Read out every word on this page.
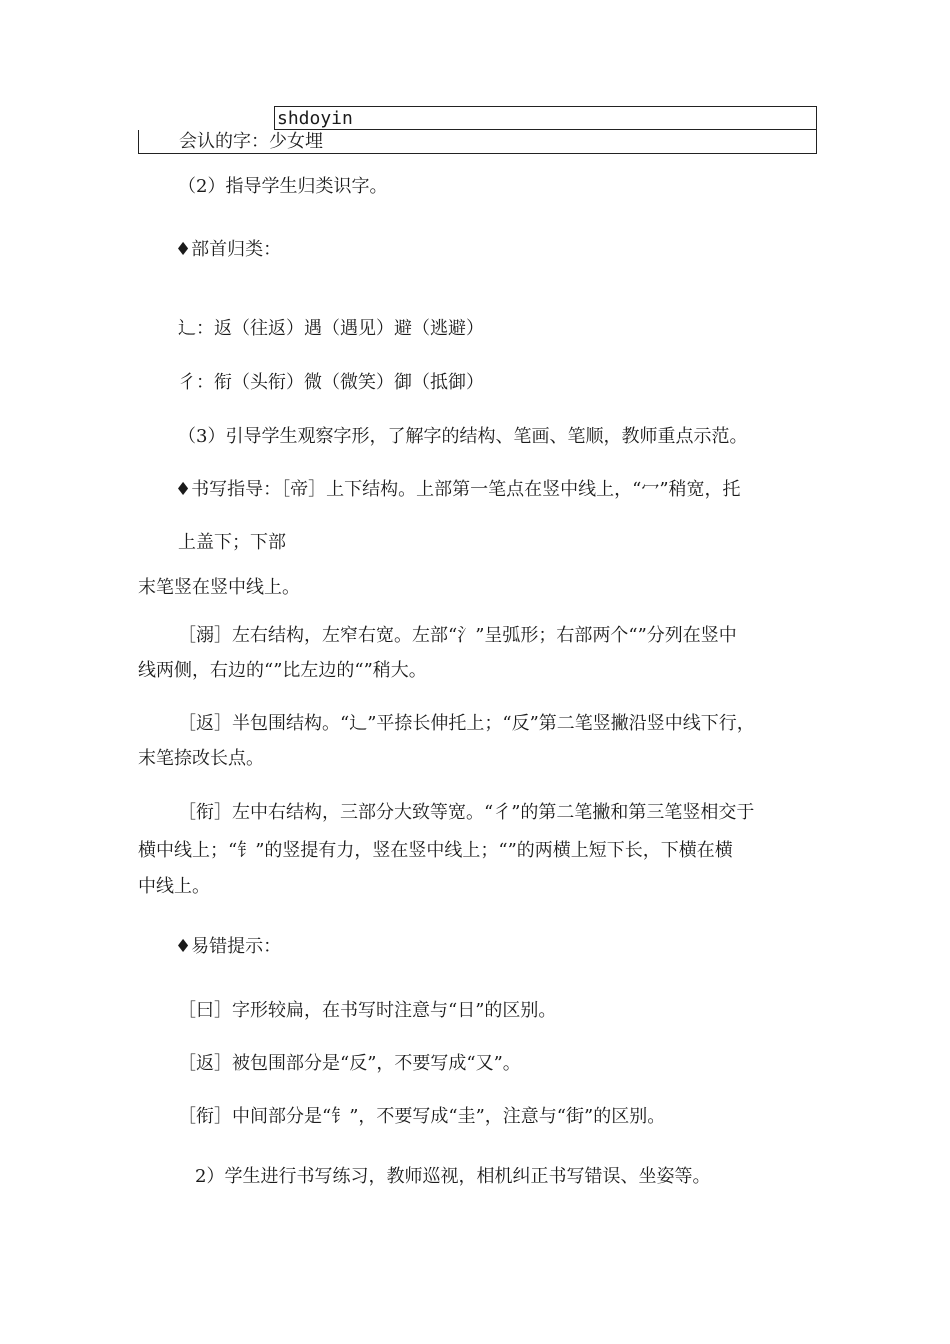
shdoyin
会认的字：少女埋
（2）指导学生归类识字。
♦部首归类：
辶：返（往返）遇（遇见）避（逃避）
彳：衔（头衔）微（微笑）御（抵御）
（3）引导学生观察字形，了解字的结构、笔画、笔顺，教师重点示范。
♦书写指导：［帝］上下结构。上部第一笔点在竖中线上，“冖”稍宽，托
上盖下；下部
末笔竖在竖中线上。
［溺］左右结构，左窄右宽。左部“氵”呈弧形；右部两个“”分列在竖中
线两侧，右边的“”比左边的“”稍大。
［返］半包围结构。“辶”平捺长伸托上；“反”第二笔竖撇沿竖中线下行，
末笔捺改长点。
［衔］左中右结构，三部分大致等宽。“彳”的第二笔撇和第三笔竖相交于
横中线上；“钅”的竖提有力，竖在竖中线上；“”的两横上短下长，下横在横
中线上。
♦易错提示：
［曰］字形较扁，在书写时注意与“日”的区别。
［返］被包围部分是“反”，不要写成“又”。
［衔］中间部分是“钅”，不要写成“圭”，注意与“街”的区别。
2）学生进行书写练习，教师巡视，相机纠正书写错误、坐姿等。
